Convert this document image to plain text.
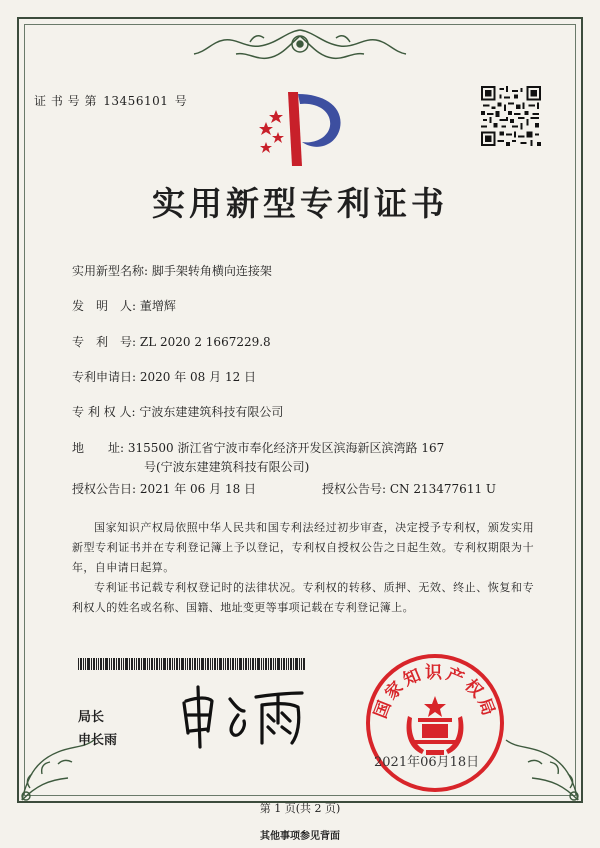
证 书 号 第 13456101 号
实用新型专利证书
实用新型名称: 脚手架转角横向连接架
发　明　人: 董增辉
专　利　号: ZL 2020 2 1667229.8
专利申请日: 2020 年 08 月 12 日
专 利 权 人: 宁波东建建筑科技有限公司
地　　址: 315500 浙江省宁波市奉化经济开发区滨海新区滨湾路 167
号(宁波东建建筑科技有限公司)
授权公告日: 2021 年 06 月 18 日	授权公告号: CN 213477611 U
国家知识产权局依照中华人民共和国专利法经过初步审查，决定授予专利权，颁发实用新型专利证书并在专利登记簿上予以登记，专利权自授权公告之日起生效。专利权期限为十年，自申请日起算。
专利证书记载专利权登记时的法律状况。专利权的转移、质押、无效、终止、恢复和专利权人的姓名或名称、国籍、地址变更等事项记载在专利登记簿上。
局长
申长雨
国家知识产权局
2021年06月18日
第 1 页(共 2 页)
其他事项参见背面
